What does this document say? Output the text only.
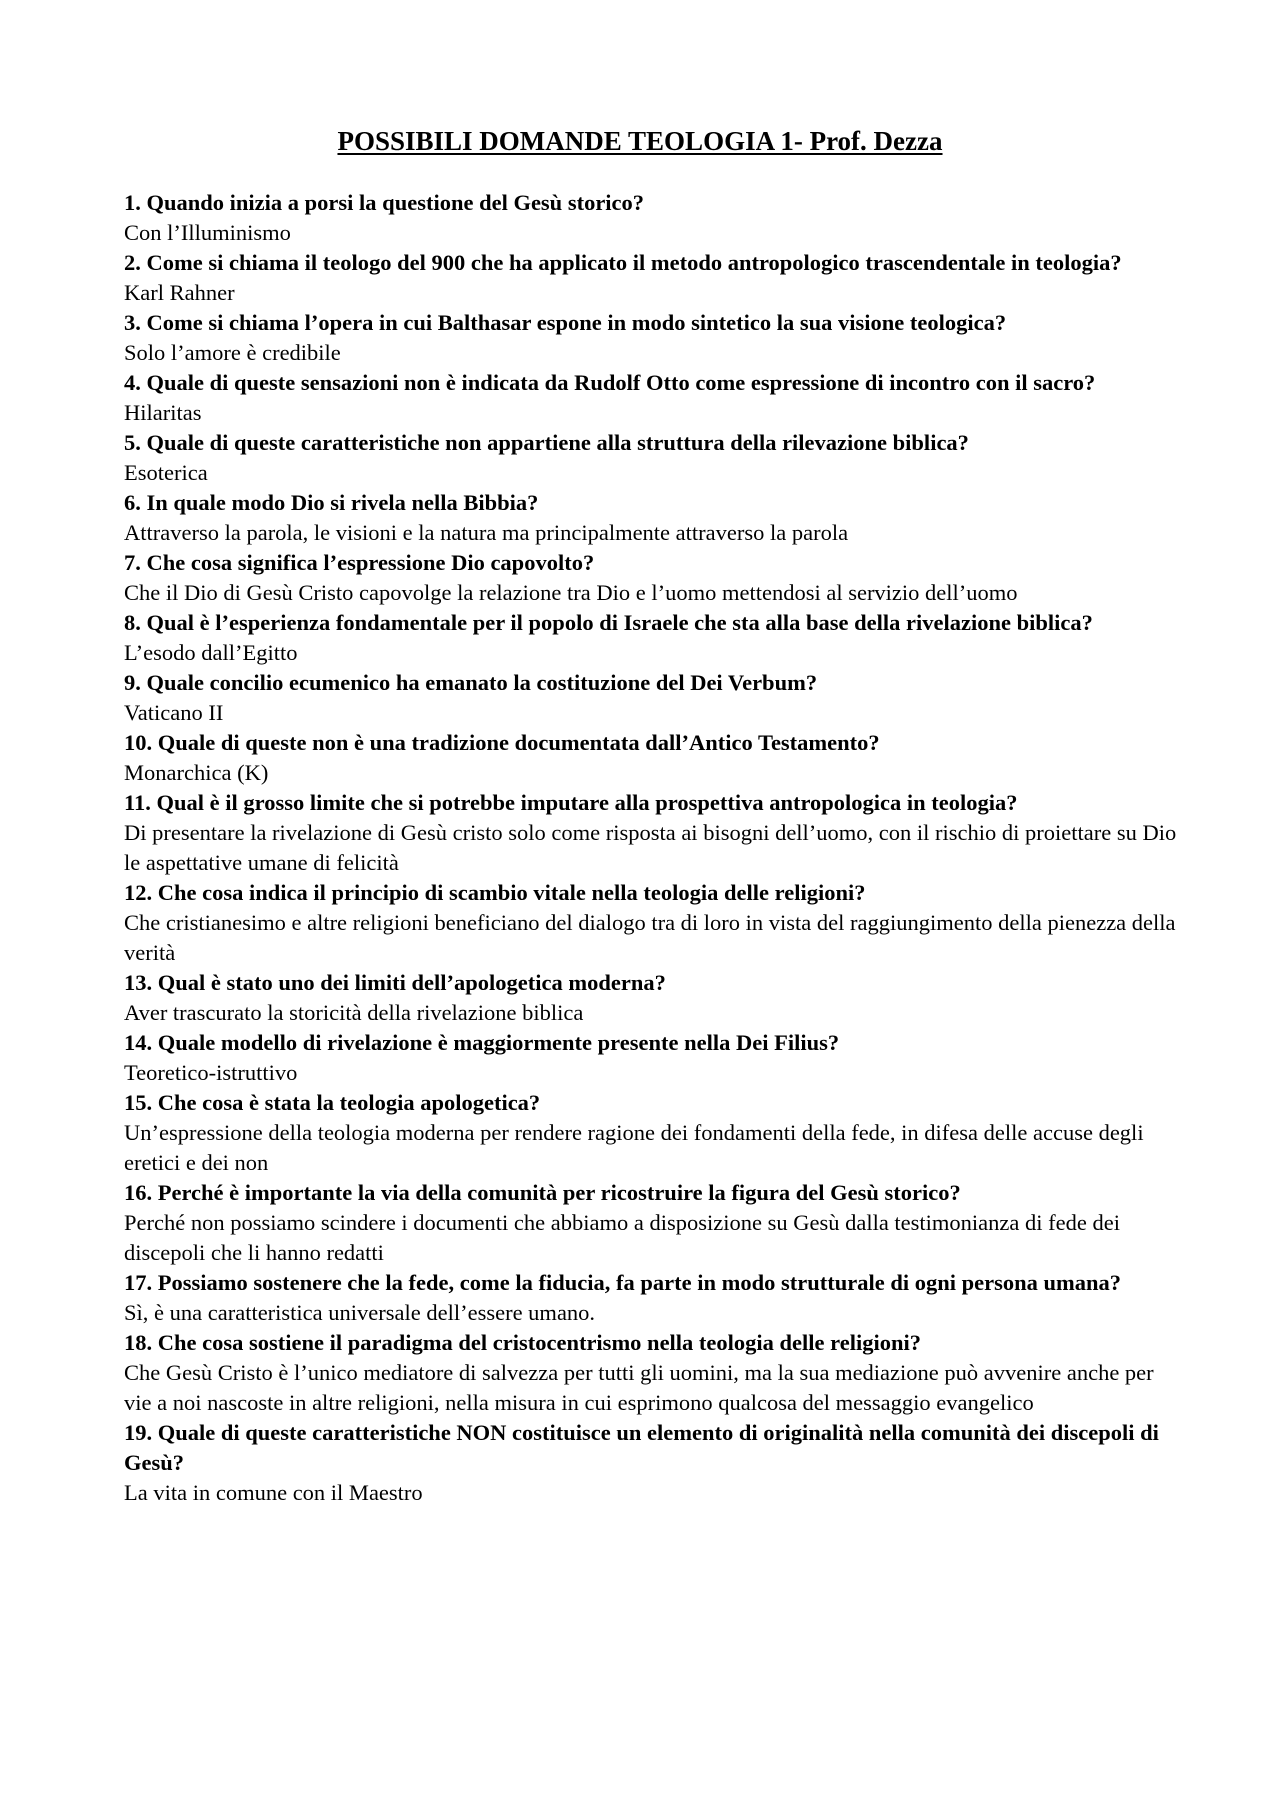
POSSIBILI DOMANDE TEOLOGIA 1- Prof. Dezza

1. Quando inizia a porsi la questione del Gesù storico?

Con l’Illuminismo

2. Come si chiama il teologo del 900 che ha applicato il metodo antropologico trascendentale in teologia?

Karl Rahner

3. Come si chiama l’opera in cui Balthasar espone in modo sintetico la sua visione teologica?

Solo l’amore è credibile

4. Quale di queste sensazioni non è indicata da Rudolf Otto come espressione di incontro con il sacro?

Hilaritas

5. Quale di queste caratteristiche non appartiene alla struttura della rilevazione biblica?

Esoterica

6. In quale modo Dio si rivela nella Bibbia?

Attraverso la parola, le visioni e la natura ma principalmente attraverso la parola

7. Che cosa significa l’espressione Dio capovolto?

Che il Dio di Gesù Cristo capovolge la relazione tra Dio e l’uomo mettendosi al servizio dell’uomo

8. Qual è l’esperienza fondamentale per il popolo di Israele che sta alla base della rivelazione biblica?

L’esodo dall’Egitto

9. Quale concilio ecumenico ha emanato la costituzione del Dei Verbum?

Vaticano II

10. Quale di queste non è una tradizione documentata dall’Antico Testamento?

Monarchica (K)

11. Qual è il grosso limite che si potrebbe imputare alla prospettiva antropologica in teologia?

Di presentare la rivelazione di Gesù cristo solo come risposta ai bisogni dell’uomo, con il rischio di proiettare su Dio le aspettative umane di felicità

12. Che cosa indica il principio di scambio vitale nella teologia delle religioni?

Che cristianesimo e altre religioni beneficiano del dialogo tra di loro in vista del raggiungimento della pienezza della verità

13. Qual è stato uno dei limiti dell’apologetica moderna?

Aver trascurato la storicità della rivelazione biblica

14. Quale modello di rivelazione è maggiormente presente nella Dei Filius?

Teoretico-istruttivo

15. Che cosa è stata la teologia apologetica?

Un’espressione della teologia moderna per rendere ragione dei fondamenti della fede, in difesa delle accuse degli eretici e dei non

16. Perché è importante la via della comunità per ricostruire la figura del Gesù storico?

Perché non possiamo scindere i documenti che abbiamo a disposizione su Gesù dalla testimonianza di fede dei discepoli che li hanno redatti

17. Possiamo sostenere che la fede, come la fiducia, fa parte in modo strutturale di ogni persona umana?

Sì, è una caratteristica universale dell’essere umano.

18. Che cosa sostiene il paradigma del cristocentrismo nella teologia delle religioni?

Che Gesù Cristo è l’unico mediatore di salvezza per tutti gli uomini, ma la sua mediazione può avvenire anche per vie a noi nascoste in altre religioni, nella misura in cui esprimono qualcosa del messaggio evangelico

19. Quale di queste caratteristiche NON costituisce un elemento di originalità nella comunità dei discepoli di Gesù?

La vita in comune con il Maestro
